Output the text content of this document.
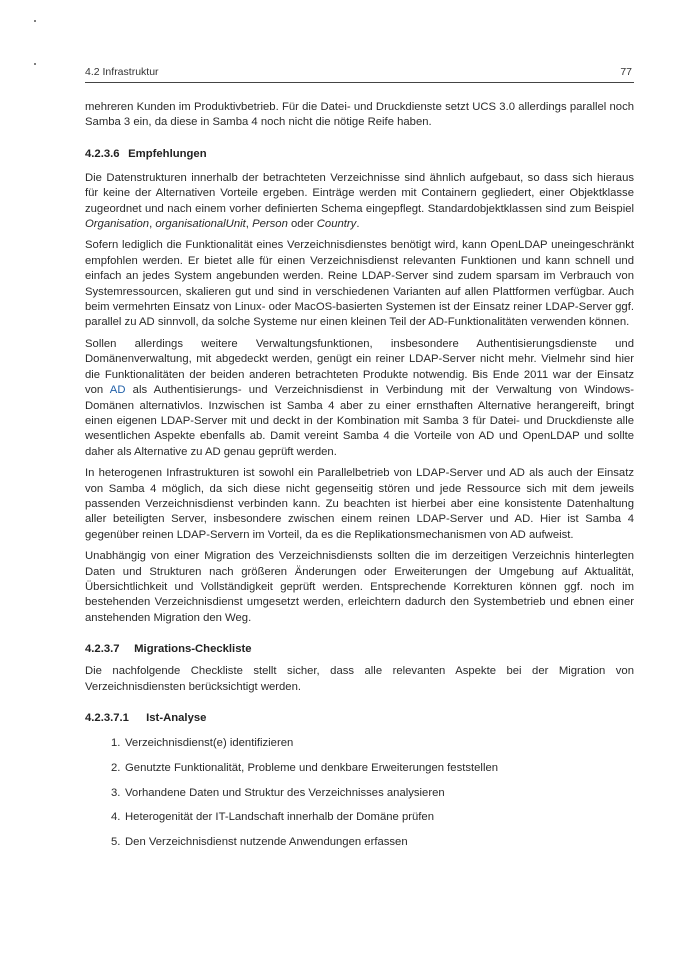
4.2 Infrastruktur	77

mehreren Kunden im Produktivbetrieb. Für die Datei- und Druckdienste setzt UCS 3.0 allerdings parallel noch Samba 3 ein, da diese in Samba 4 noch nicht die nötige Reife haben.

4.2.3.6 Empfehlungen

Die Datenstrukturen innerhalb der betrachteten Verzeichnisse sind ähnlich aufgebaut, so dass sich hieraus für keine der Alternativen Vorteile ergeben. Einträge werden mit Containern gegliedert, einer Objektklasse zugeordnet und nach einem vorher definierten Schema eingepflegt. Standardobjektklassen sind zum Beispiel Organisation, organisationalUnit, Person oder Country.

Sofern lediglich die Funktionalität eines Verzeichnisdienstes benötigt wird, kann OpenLDAP uneingeschränkt empfohlen werden. Er bietet alle für einen Verzeichnisdienst relevanten Funktionen und kann schnell und einfach an jedes System angebunden werden. Reine LDAP-Server sind zudem sparsam im Verbrauch von Systemressourcen, skalieren gut und sind in verschiedenen Varianten auf allen Plattformen verfügbar. Auch beim vermehrten Einsatz von Linux- oder MacOS-basierten Systemen ist der Einsatz reiner LDAP-Server ggf. parallel zu AD sinnvoll, da solche Systeme nur einen kleinen Teil der AD-Funktionalitäten verwenden können.

Sollen allerdings weitere Verwaltungsfunktionen, insbesondere Authentisierungsdienste und Domänenverwaltung, mit abgedeckt werden, genügt ein reiner LDAP-Server nicht mehr. Vielmehr sind hier die Funktionalitäten der beiden anderen betrachteten Produkte notwendig. Bis Ende 2011 war der Einsatz von AD als Authentisierungs- und Verzeichnisdienst in Verbindung mit der Verwaltung von Windows-Domänen alternativlos. Inzwischen ist Samba 4 aber zu einer ernsthaften Alternative herangereift, bringt einen eigenen LDAP-Server mit und deckt in der Kombination mit Samba 3 für Datei- und Druckdienste alle wesentlichen Aspekte ebenfalls ab. Damit vereint Samba 4 die Vorteile von AD und OpenLDAP und sollte daher als Alternative zu AD genau geprüft werden.

In heterogenen Infrastrukturen ist sowohl ein Parallelbetrieb von LDAP-Server und AD als auch der Einsatz von Samba 4 möglich, da sich diese nicht gegenseitig stören und jede Ressource sich mit dem jeweils passenden Verzeichnisdienst verbinden kann. Zu beachten ist hierbei aber eine konsistente Datenhaltung aller beteiligten Server, insbesondere zwischen einem reinen LDAP-Server und AD. Hier ist Samba 4 gegenüber reinen LDAP-Servern im Vorteil, da es die Replikationsmechanismen von AD aufweist.

Unabhängig von einer Migration des Verzeichnisdiensts sollten die im derzeitigen Verzeichnis hinterlegten Daten und Strukturen nach größeren Änderungen oder Erweiterungen der Umgebung auf Aktualität, Übersichtlichkeit und Vollständigkeit geprüft werden. Entsprechende Korrekturen können ggf. noch im bestehenden Verzeichnisdienst umgesetzt werden, erleichtern dadurch den Systembetrieb und ebnen einer anstehenden Migration den Weg.

4.2.3.7 Migrations-Checkliste

Die nachfolgende Checkliste stellt sicher, dass alle relevanten Aspekte bei der Migration von Verzeichnisdiensten berücksichtigt werden.

4.2.3.7.1 Ist-Analyse
1. Verzeichnisdienst(e) identifizieren
2. Genutzte Funktionalität, Probleme und denkbare Erweiterungen feststellen
3. Vorhandene Daten und Struktur des Verzeichnisses analysieren
4. Heterogenität der IT-Landschaft innerhalb der Domäne prüfen
5. Den Verzeichnisdienst nutzende Anwendungen erfassen
